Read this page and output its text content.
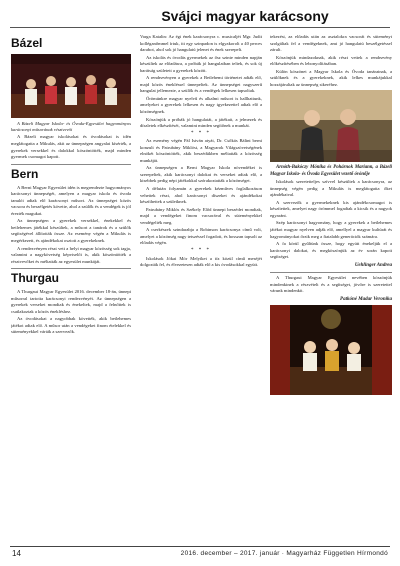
Svájci magyar karácsony
Bázel

A Bázeli Magyar Iskola- és Óvoda-Egyesület hagyományos karácsonyi műsorának résztvevői

A Bázeli magyar iskolásokat és óvodásokat is idén meglátogatta a Mikulás, akit az ünnepségen angyalai kísérték, a gyerekek versekkel és dalokkal köszöntötték, majd minden gyermek csomagot kapott.

Bern

A Berni Magyar Egyesület idén is megrendezte hagyományos karácsonyi ünnepségét, amelyen a magyar iskola és óvoda tanulói adtak elő karácsonyi műsort. Az ünnepséget közös vacsora és beszélgetés követte, ahol a szülők és a vendégek is jól érezték magukat.

Az ünnepségen a gyerekek versekkel, énekekkel és betlehemes játékkal készültek, a műsort a tanárok és a szülők segítségével állították össze. Az esemény végén a Mikulás is megérkezett, és ajándékokat osztott a gyerekeknek.

A rendezvényen részt vett a helyi magyar közösség sok tagja, valamint a nagykövetség képviselői is, akik köszöntötték a résztvevőket és méltatták az egyesület munkáját.

Thurgau

A Thurgaui Magyar Egyesület 2016. december 18-án, ünnepi műsorral tartotta karácsonyi rendezvényét. Az ünnepségen a gyerekek verseket mondtak és énekeltek, majd a felnőttek is csatlakoztak a közös énekléshez.

Az óvodásokat a nagyobbak követték, akik betlehemes játékot adtak elő. A műsor után a vendégeket finom ételekkel és süteményekkel várták a szervezők.

Varga Katalin: Az égi ének karácsonyra c. musicaljét Mgr. Judit kolléganőmmel írtuk, itt egy szinpadon is elgyakorolt a 40 perces darabot, ahol sok jó hangulatú jelenet és ének szerepelt.

Az iskolás és óvodás gyermekek az ősz szinte minden napján készültek az előadásra, a próbák jó hangulatban teltek, és sok új barátság született a gyerekek között.

A rendezvényen a gyerekek a Betlehemi történetet adták elő, majd közös énekléssel ünnepeltek. Az ünnepséget nagyszerű hangulat jellemezte, a szülők és a vendégek lelkesen tapsoltak.

Örömünkre magyar nyelvű és alkalmi műsort is hallhattunk, amelyeket a gyerekek lelkesen és nagy igyekezettel adtak elő a közönségnek.

Köszönjük a próbák jó hangulatát, a játékait, a jelmezek és díszletek elkészítését, valamint minden segítőnek a munkát.

* * *

Az esemény végén Pál István atyát, Dr. Csőkás Bálint berni konzult és Patrubány Miklóst, a Magyarok Világszövetségének elnökét köszöntötték, akik beszédükben méltatták a közösség munkáját.

Az ünnepségen a Berni Magyar Iskola növendékei is szerepeltek, akik karácsonyi dalokat és verseket adtak elő, a kisebbek pedig népi játékokkal szórakoztatták a közönséget.

A délután folyamán a gyerekek kézműves foglalkozáson vehettek részt, ahol karácsonyi díszeket és ajándékokat készíthettek a szüleiknek.

Patrubány Miklós és Székely Előd ünnepi beszédet mondtak, majd a vendégeket finom vacsorával és süteményekkel vendégelték meg.

A cserkészek szindarabja a Robinson karácsonya című volt, amelyet a közönség nagy tetszéssel fogadott, és hosszan tapsolt az előadás végén.

* * *

Iskolások Jókai Mór Melyiket a tíz közül című meséjét dolgozták fel, és élvezetesen adták elő a kis óvodásokkal együtt.

tekezést, az előadás után az asztalokra vacsorát és süteményt szolgáltak fel a vendégeknek, ami jó hangulatú beszélgetéssel zárult.

Köszönjük mindazoknak, akik részt vettek a rendezvény előkészítésében és lebonyolításában.

Külön köszönet a Magyar Iskola és Óvoda tanárainak, a szülőknek és a gyerekeknek, akik lelkes munkájukkal hozzájárultak az ünnepség sikeréhez.

Arnóth-Bakóczy Mónika és Pohárnok Mariann, a Bázeli Magyar Iskola- és Óvoda Egyesület vezető óvónője

Iskolások szeretetteljes szívvel készültek a karácsonyra, az ünnepség végén pedig a Mikulás is meglátogatta őket ajándékaival.

A szervezők a gyermekeknek kis ajándékcsomagot is készítettek, amelyet nagy örömmel fogadtak a kicsik és a nagyok egyaránt.

Szép karácsonyi hagyomány, hogy a gyerekek a betlehemes játékot magyar nyelven adják elő, amellyel a magyar kultúrát és hagyományokat őrzik meg a fiatalabb generációk számára.

A fa körül gyűltünk össze, hogy együtt énekeljük el a karácsonyi dalokat, és megköszönjük az év során kapott segítséget.

Uehlinger Andrea

A Thurgaui Magyar Egyesület nevében köszönjük mindenkinek a részvételt és a segítséget, jövőre is szeretettel várunk mindenkit.

Patkóné Madar Veronika
14	2016. december – 2017. január · Magyarház Független Hírmondó
